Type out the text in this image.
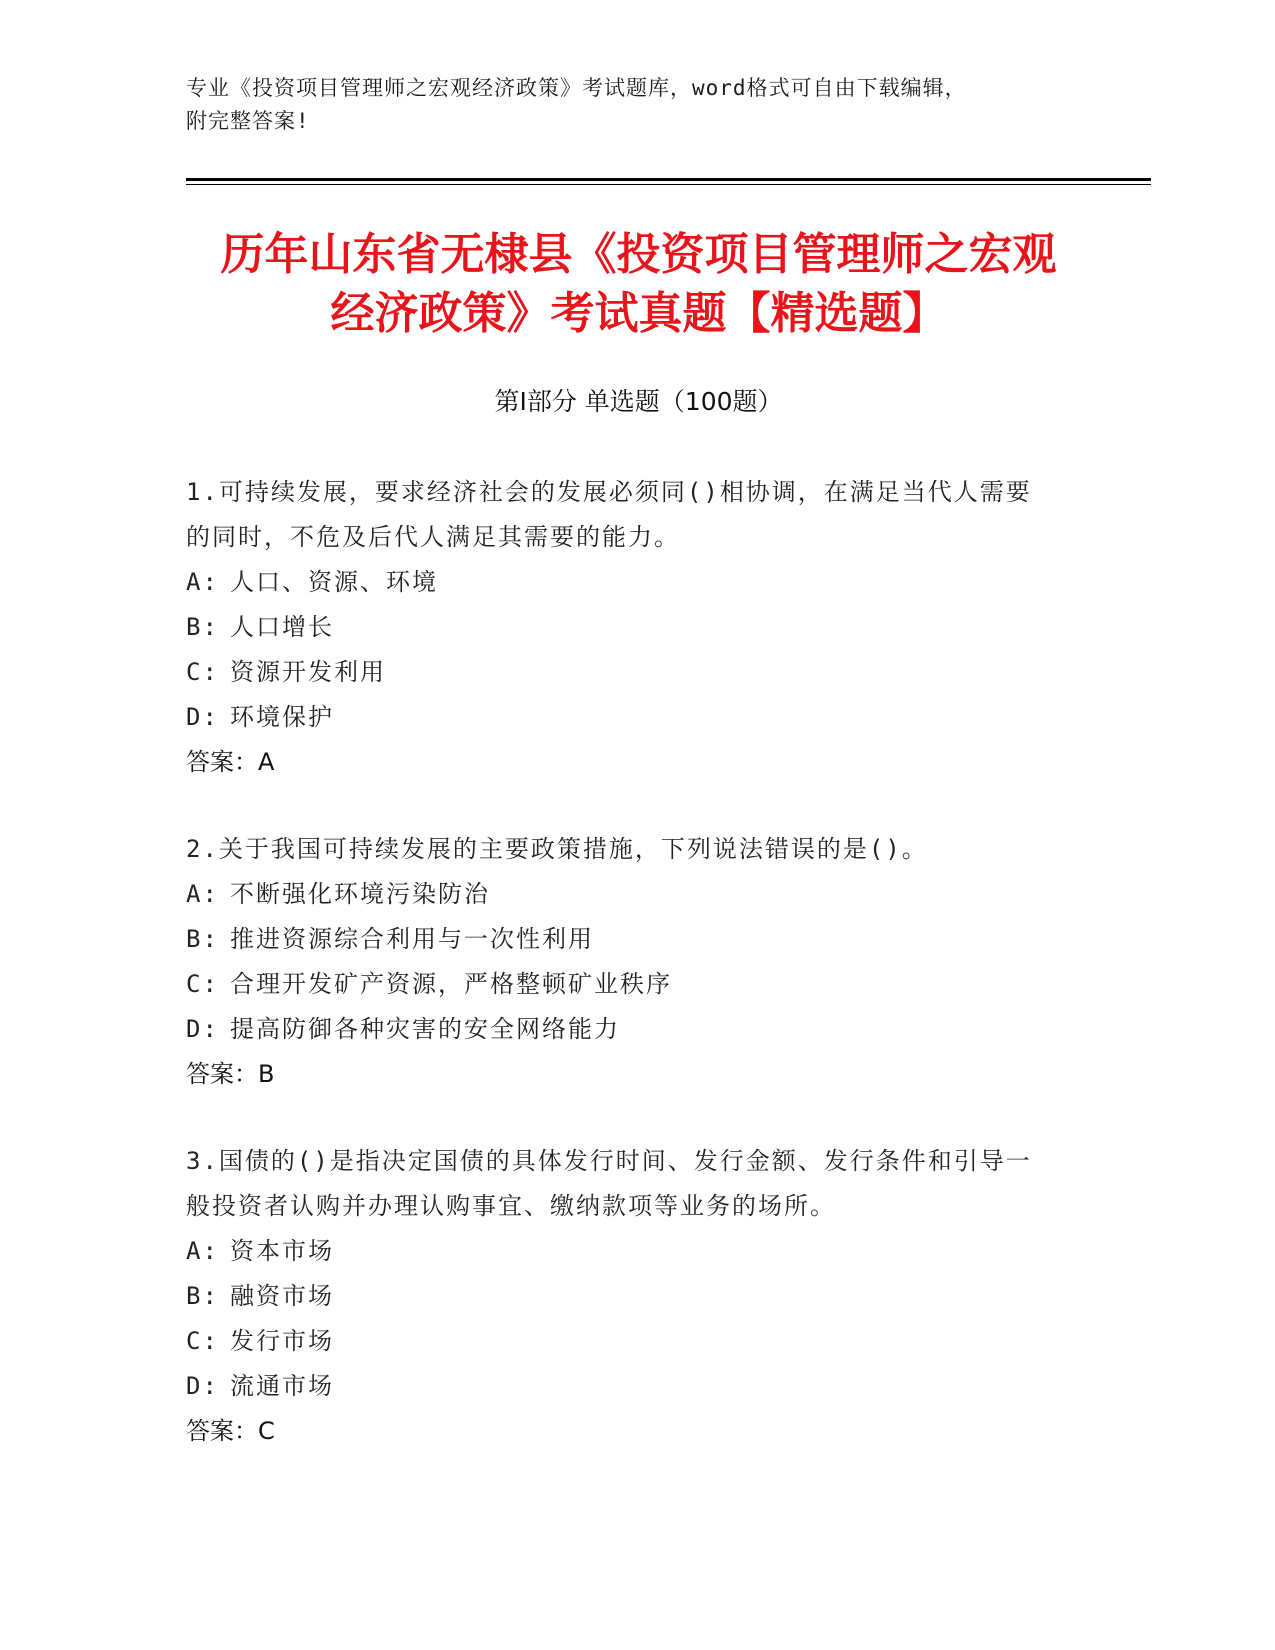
专业《投资项目管理师之宏观经济政策》考试题库，word格式可自由下载编辑，
附完整答案!
历年山东省无棣县《投资项目管理师之宏观
经济政策》考试真题【精选题】
第Ⅰ部分 单选题（100题）
1.可持续发展，要求经济社会的发展必须同()相协调，在满足当代人需要的同时，不危及后代人满足其需要的能力。
A: 人口、资源、环境
B: 人口增长
C: 资源开发利用
D: 环境保护
答案：A
2.关于我国可持续发展的主要政策措施，下列说法错误的是()。
A: 不断强化环境污染防治
B: 推进资源综合利用与一次性利用
C: 合理开发矿产资源，严格整顿矿业秩序
D: 提高防御各种灾害的安全网络能力
答案：B
3.国债的()是指决定国债的具体发行时间、发行金额、发行条件和引导一般投资者认购并办理认购事宜、缴纳款项等业务的场所。
A: 资本市场
B: 融资市场
C: 发行市场
D: 流通市场
答案：C
